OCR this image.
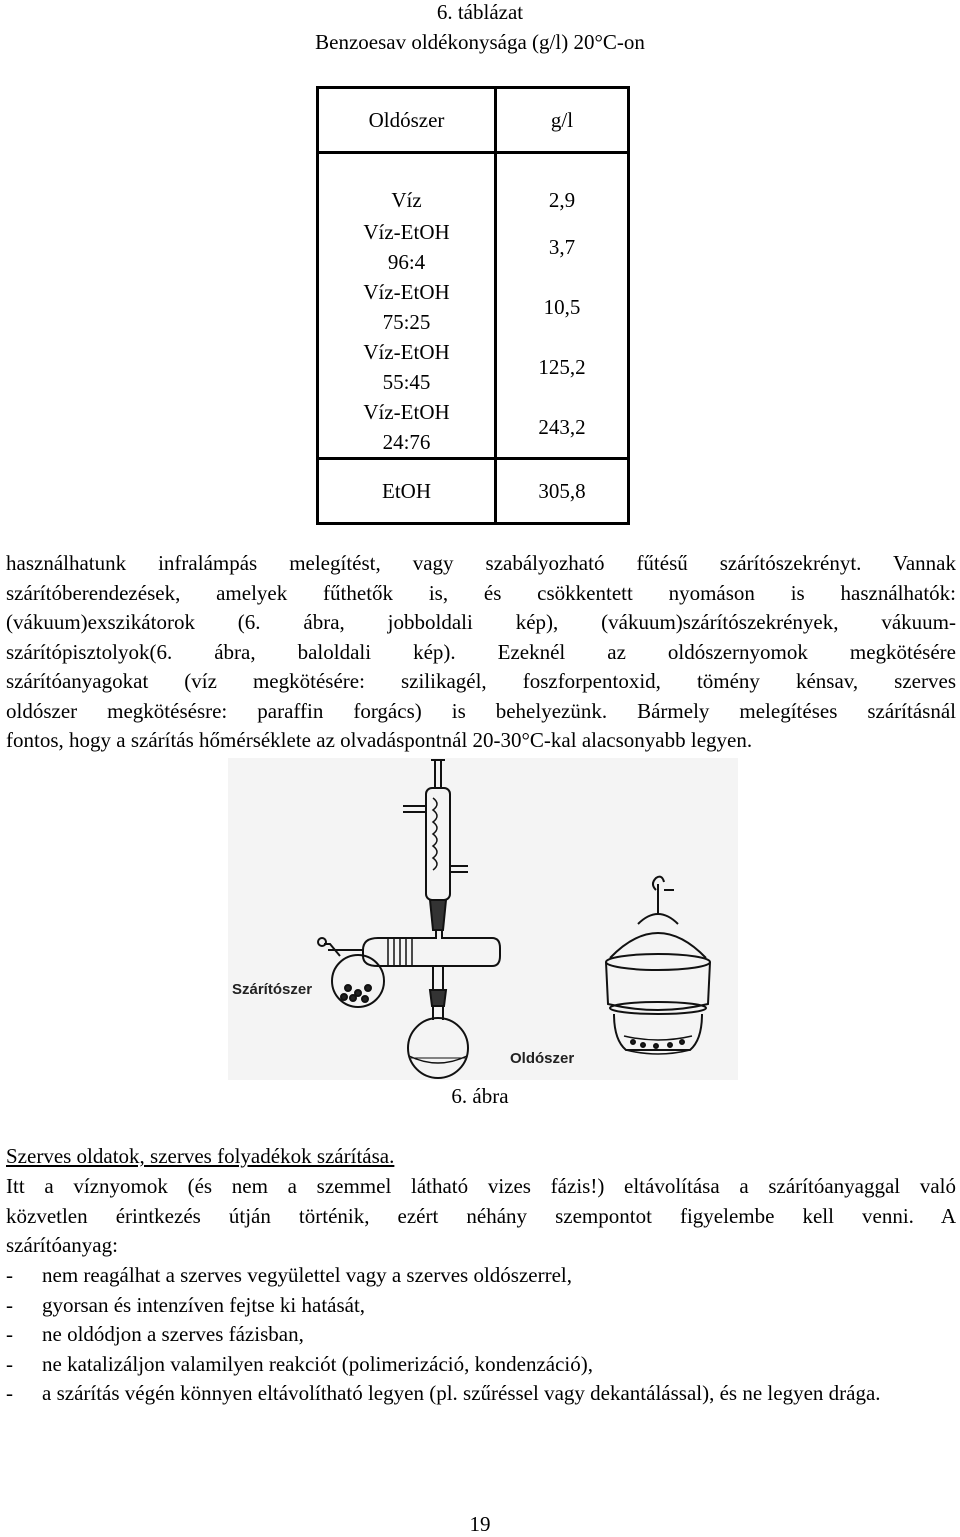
6. táblázat
Benzoesav oldékonysága (g/l) 20°C-on
Oldószer	g/l
Víz	2,9
Víz-EtOH
96:4	3,7
Víz-EtOH
75:25	10,5
Víz-EtOH
55:45	125,2
Víz-EtOH
24:76	243,2
EtOH	305,8
használhatunk infralámpás melegítést, vagy szabályozható fűtésű szárítószekrényt. Vannak
szárítóberendezések, amelyek fűthetők is, és csökkentett nyomáson is használhatók:
(vákuum)exszikátorok (6. ábra, jobboldali kép), (vákuum)szárítószekrények, vákuum-
szárítópisztolyok(6. ábra, baloldali kép). Ezeknél az oldószernyomok megkötésére
szárítóanyagokat (víz megkötésére: szilikagél, foszforpentoxid, tömény kénsav, szerves
oldószer megkötésésre: paraffin forgács) is behelyezünk. Bármely melegítéses szárításnál
fontos, hogy a szárítás hőmérséklete az olvadáspontnál 20-30°C-kal alacsonyabb legyen.
Szárítószer
Oldószer
6. ábra
Szerves oldatok, szerves folyadékok szárítása.
Itt a víznyomok (és nem a szemmel látható vizes fázis!) eltávolítása a szárítóanyaggal való
közvetlen érintkezés útján történik, ezért néhány szempontot figyelembe kell venni. A
szárítóanyag:
- nem reagálhat a szerves vegyülettel vagy a szerves oldószerrel,
- gyorsan és intenzíven fejtse ki hatását,
- ne oldódjon a szerves fázisban,
- ne katalizáljon valamilyen reakciót (polimerizáció, kondenzáció),
- a szárítás végén könnyen eltávolítható legyen (pl. szűréssel vagy dekantálással), és ne legyen drága.
19
